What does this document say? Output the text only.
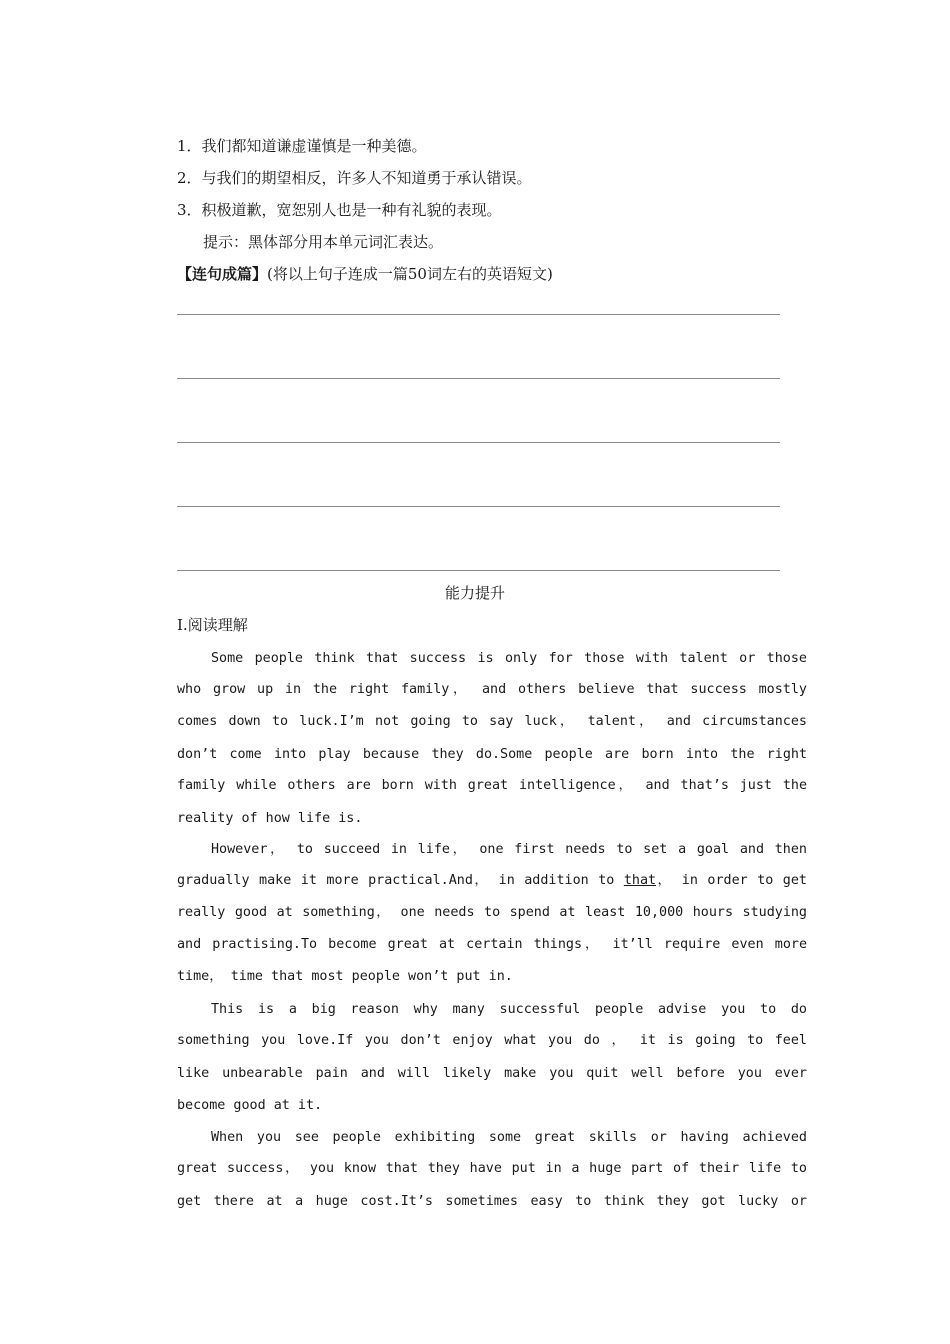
1．我们都知道谦虚谨慎是一种美德。
2．与我们的期望相反，许多人不知道勇于承认错误。
3．积极道歉，宽恕别人也是一种有礼貌的表现。
提示：黑体部分用本单元词汇表达。
【连句成篇】(将以上句子连成一篇50词左右的英语短文)
能力提升
Ⅰ.阅读理解
Some people think that success is only for those with talent or those
who grow up in the right family， and others believe that success mostly
comes down to luck.I’m not going to say luck， talent， and circumstances
don’t come into play because they do.Some people are born into the right
family while others are born with great intelligence， and that’s just the
reality of how life is.
However， to succeed in life， one first needs to set a goal and then
gradually make it more practical.And， in addition to that， in order to get
really good at something， one needs to spend at least 10,000 hours studying
and practising.To become great at certain things， it’ll require even more
time， time that most people won’t put in.
This is a big reason why many successful people advise you to do
something you love.If you don’t enjoy what you do ， it is going to feel
like unbearable pain and will likely make you quit well before you ever
become good at it.
When you see people exhibiting some great skills or having achieved
great success， you know that they have put in a huge part of their life to
get there at a huge cost.It’s sometimes easy to think they got lucky or
